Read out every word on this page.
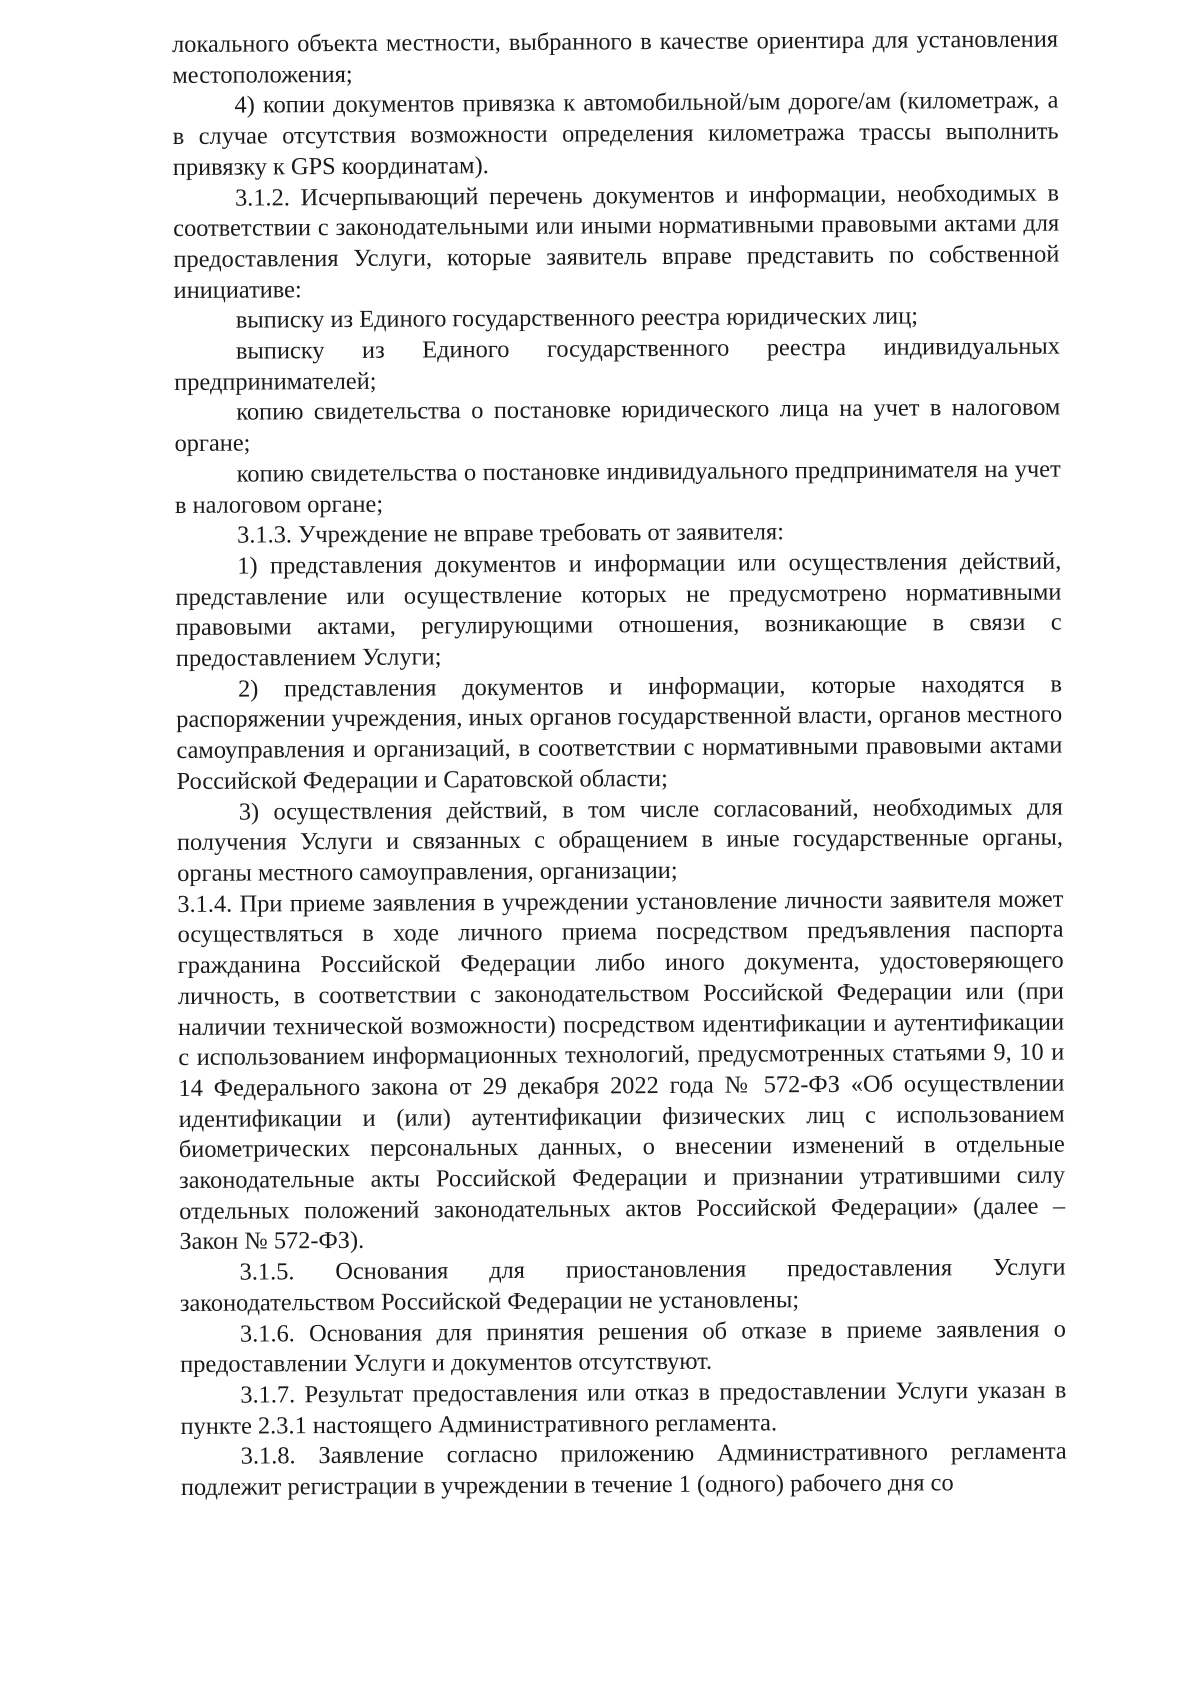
локального объекта местности, выбранного в качестве ориентира для установления местоположения;

4) копии документов привязка к автомобильной/ым дороге/ам (километраж, а в случае отсутствия возможности определения километража трассы выполнить привязку к GPS координатам).

3.1.2. Исчерпывающий перечень документов и информации, необходимых в соответствии с законодательными или иными нормативными правовыми актами для предоставления Услуги, которые заявитель вправе представить по собственной инициативе:

выписку из Единого государственного реестра юридических лиц;

выписку из Единого государственного реестра индивидуальных предпринимателей;

копию свидетельства о постановке юридического лица на учет в налоговом органе;

копию свидетельства о постановке индивидуального предпринимателя на учет в налоговом органе;

3.1.3. Учреждение не вправе требовать от заявителя:

1) представления документов и информации или осуществления действий, представление или осуществление которых не предусмотрено нормативными правовыми актами, регулирующими отношения, возникающие в связи с предоставлением Услуги;

2) представления документов и информации, которые находятся в распоряжении учреждения, иных органов государственной власти, органов местного самоуправления и организаций, в соответствии с нормативными правовыми актами Российской Федерации и Саратовской области;

3) осуществления действий, в том числе согласований, необходимых для получения Услуги и связанных с обращением в иные государственные органы, органы местного самоуправления, организации;

3.1.4. При приеме заявления в учреждении установление личности заявителя может осуществляться в ходе личного приема посредством предъявления паспорта гражданина Российской Федерации либо иного документа, удостоверяющего личность, в соответствии с законодательством Российской Федерации или (при наличии технической возможности) посредством идентификации и аутентификации с использованием информационных технологий, предусмотренных статьями 9, 10 и 14 Федерального закона от 29 декабря 2022 года № 572-ФЗ «Об осуществлении идентификации и (или) аутентификации физических лиц с использованием биометрических персональных данных, о внесении изменений в отдельные законодательные акты Российской Федерации и признании утратившими силу отдельных положений законодательных актов Российской Федерации» (далее – Закон № 572-ФЗ).

3.1.5. Основания для приостановления предоставления Услуги законодательством Российской Федерации не установлены;

3.1.6. Основания для принятия решения об отказе в приеме заявления о предоставлении Услуги и документов отсутствуют.

3.1.7. Результат предоставления или отказ в предоставлении Услуги указан в пункте 2.3.1 настоящего Административного регламента.

3.1.8. Заявление согласно приложению Административного регламента подлежит регистрации в учреждении в течение 1 (одного) рабочего дня со
